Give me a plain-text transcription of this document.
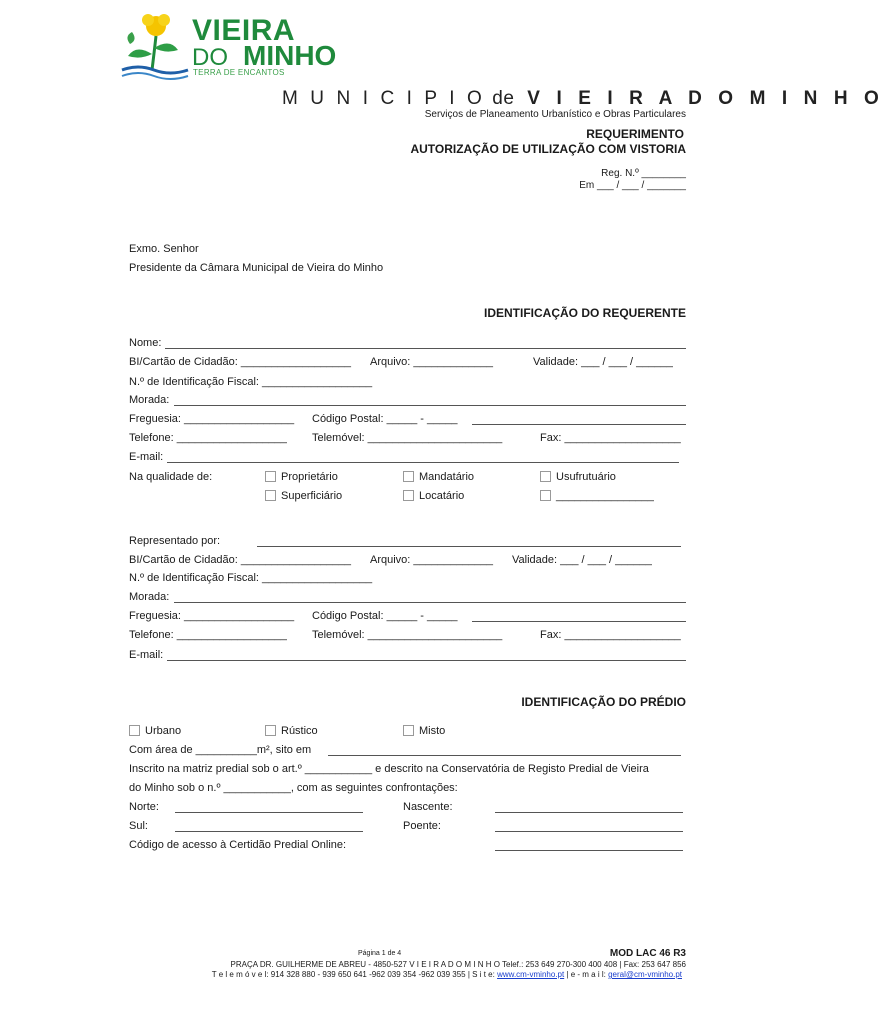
VIEIRA
DO MINHO
TERRA DE ENCANTOS
M U N I C I P I O de V I E I R A D O M I N H O
Serviços de Planeamento Urbanístico e Obras Particulares
REQUERIMENTO
AUTORIZAÇÃO DE UTILIZAÇÃO COM VISTORIA
Reg. N.º ________
Em ___ / ___ / _______
Exmo. Senhor
Presidente da Câmara Municipal de Vieira do Minho
IDENTIFICAÇÃO DO REQUERENTE
Nome:
BI/Cartão de Cidadão: __________________ Arquivo: _____________	Validade: ___ / ___ / ______
N.º de Identificação Fiscal: __________________
Morada:
Freguesia: __________________ Código Postal: _____ - _____
Telefone: __________________ Telemóvel: ______________________	Fax: ___________________
E-mail:
Na qualidade de:	Proprietário	Mandatário	Usufrutuário
Superficiário	Locatário	________________
Representado por:
BI/Cartão de Cidadão: __________________ Arquivo: _____________ Validade: ___ / ___ / ______
N.º de Identificação Fiscal: __________________
Morada:
Freguesia: __________________ Código Postal: _____ - _____
Telefone: __________________ Telemóvel: ______________________	Fax: ___________________
E-mail:
IDENTIFICAÇÃO DO PRÉDIO
Urbano	Rústico	Misto
Com área de __________m², sito em
Inscrito na matriz predial sob o art.º ___________ e descrito na Conservatória de Registo Predial de Vieira
do Minho sob o n.º ___________, com as seguintes confrontações:
Norte:	Nascente:
Sul:	Poente:
Código de acesso à Certidão Predial Online:
Página 1 de 4	MOD LAC 46 R3
PRAÇA DR. GUILHERME DE ABREU - 4850-527 V I E I R A D O M I N H O Telef.: 253 649 270-300 400 408 | Fax: 253 647 856
T e l e m ó v e l: 914 328 880 - 939 650 641 -962 039 354 -962 039 355 | S i t e: www.cm-vminho.pt | e - m a i l: geral@cm-vminho.pt
